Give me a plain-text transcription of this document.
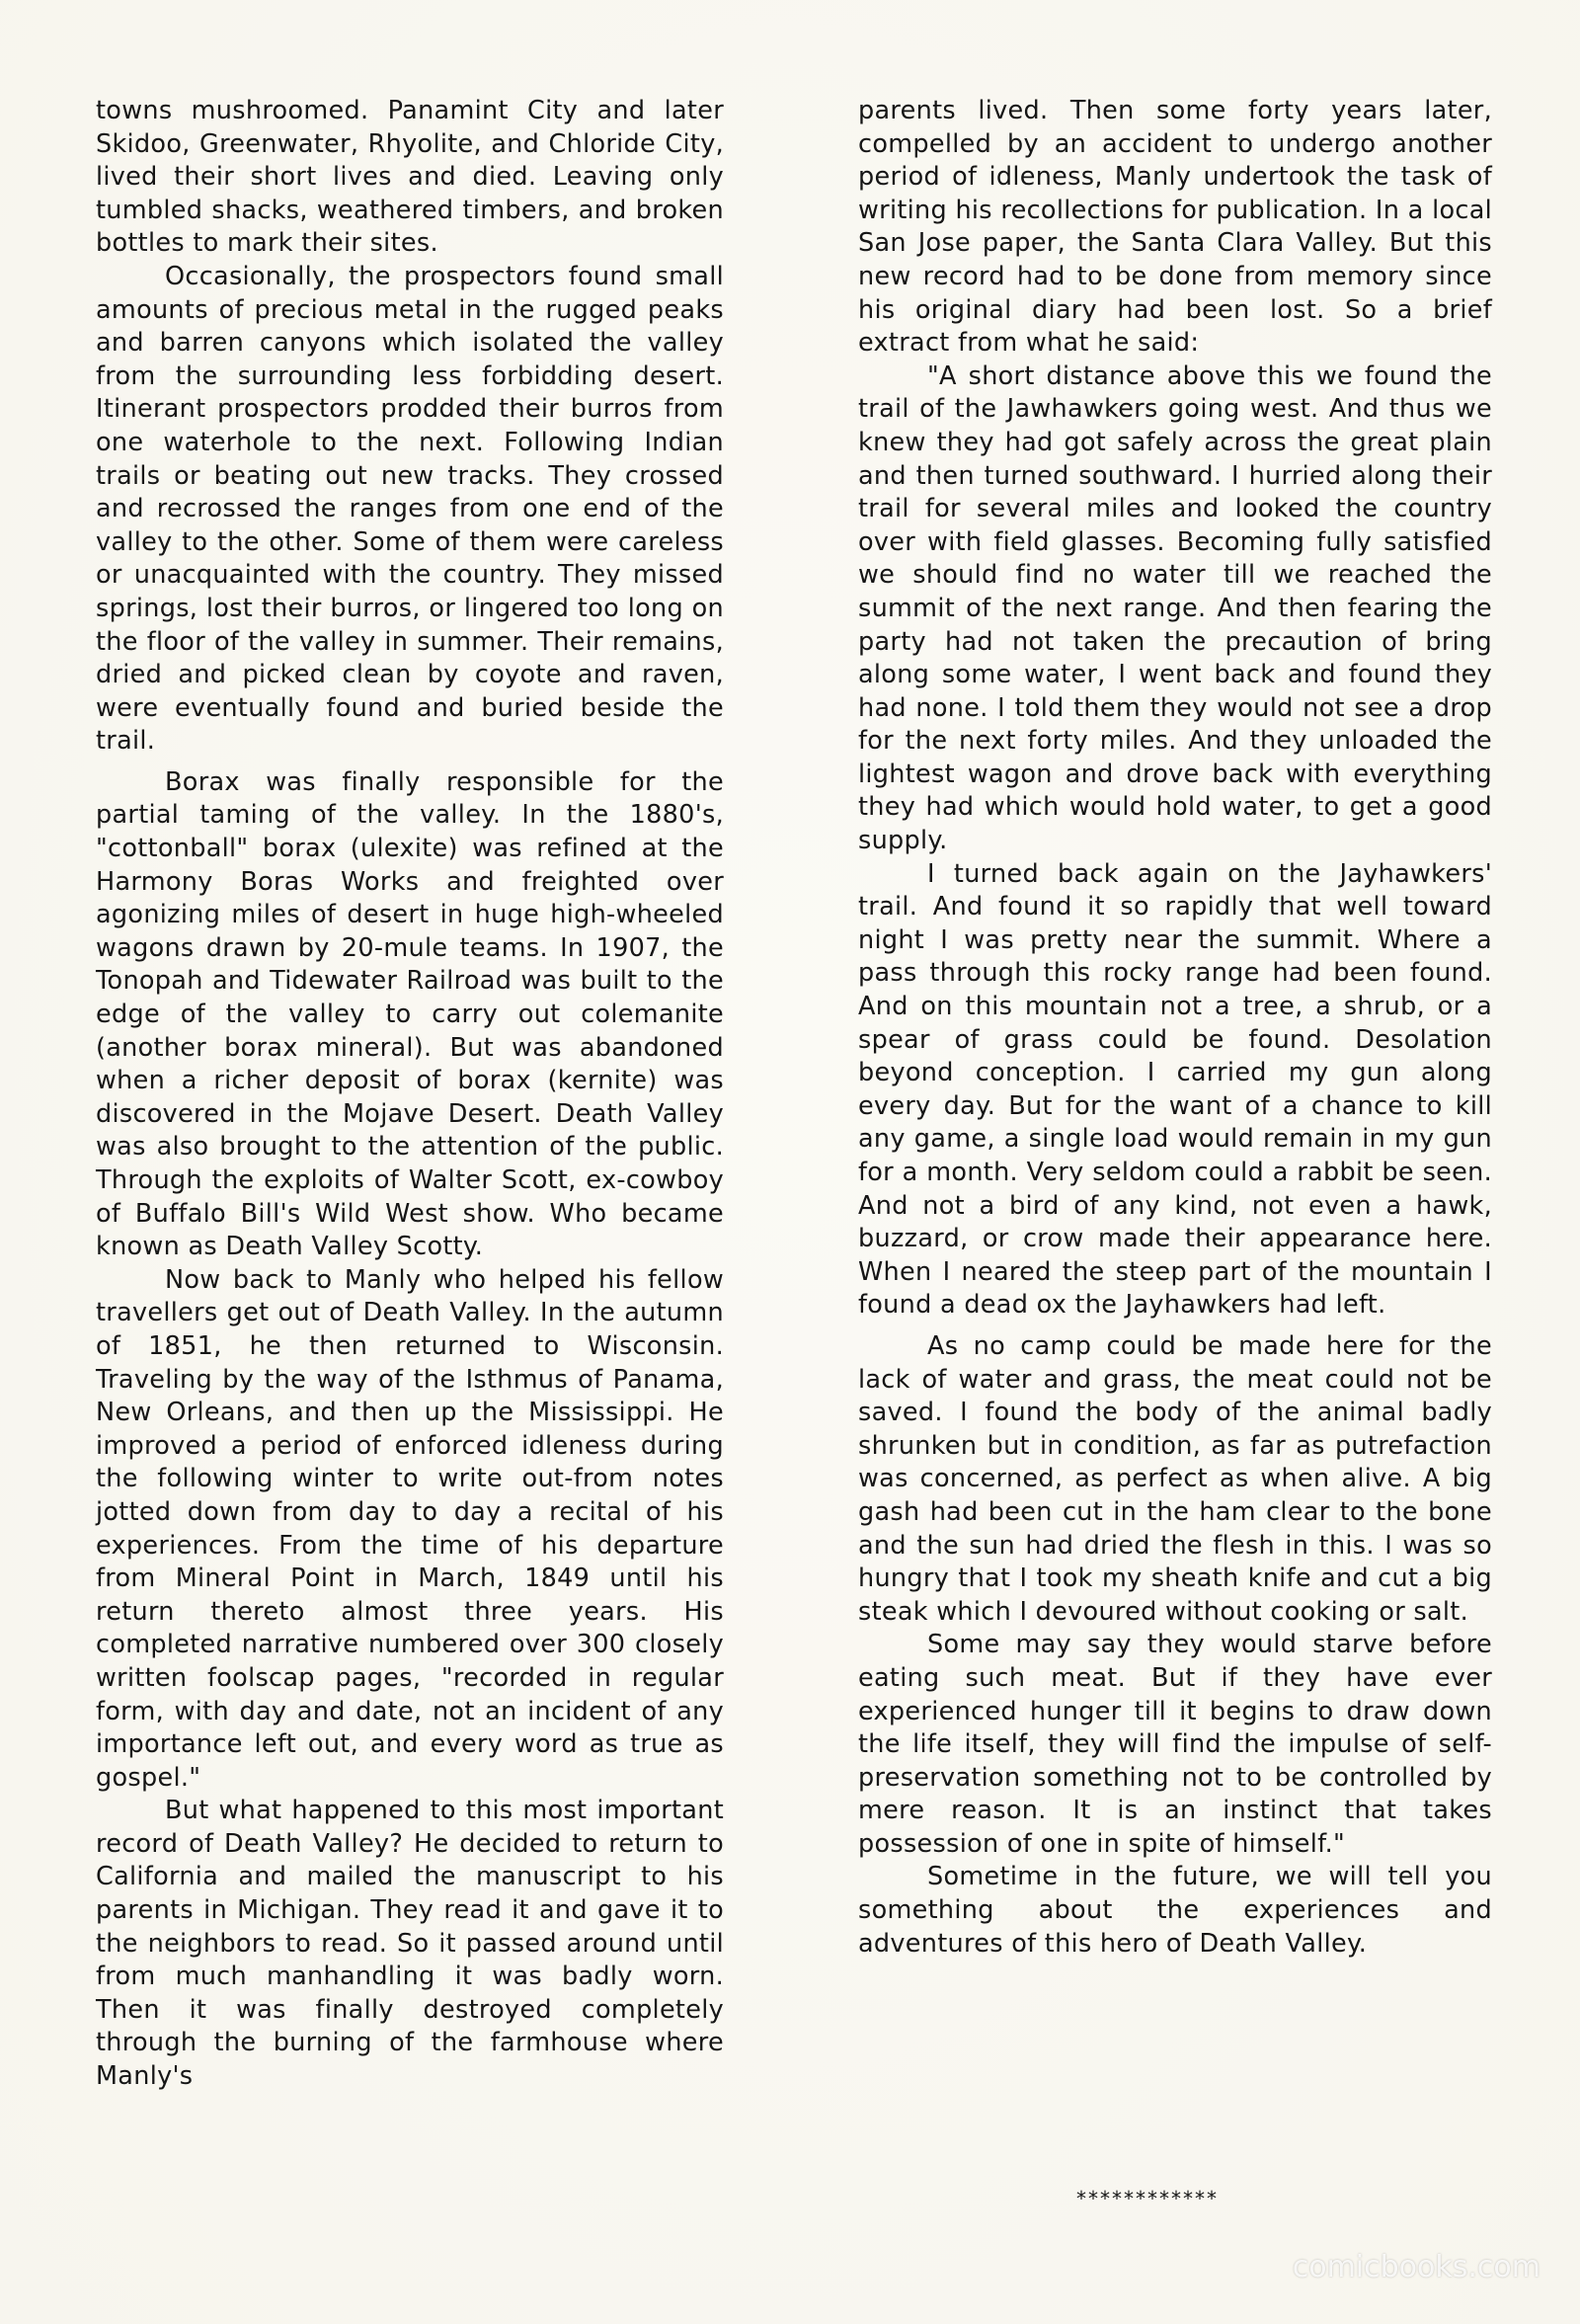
towns mushroomed. Panamint City and later Skidoo, Greenwater, Rhyolite, and Chloride City, lived their short lives and died. Leaving only tumbled shacks, weathered timbers, and broken bottles to mark their sites.

Occasionally, the prospectors found small amounts of precious metal in the rugged peaks and barren canyons which isolated the valley from the surrounding less forbidding desert. Itinerant prospectors prodded their burros from one waterhole to the next. Following Indian trails or beating out new tracks. They crossed and recrossed the ranges from one end of the valley to the other. Some of them were careless or unacquainted with the country. They missed springs, lost their burros, or lingered too long on the floor of the valley in summer. Their remains, dried and picked clean by coyote and raven, were eventually found and buried beside the trail.

Borax was finally responsible for the partial taming of the valley. In the 1880's, "cottonball" borax (ulexite) was refined at the Harmony Boras Works and freighted over agonizing miles of desert in huge high-wheeled wagons drawn by 20-mule teams. In 1907, the Tonopah and Tidewater Railroad was built to the edge of the valley to carry out colemanite (another borax mineral). But was abandoned when a richer deposit of borax (kernite) was discovered in the Mojave Desert. Death Valley was also brought to the attention of the public. Through the exploits of Walter Scott, ex-cowboy of Buffalo Bill's Wild West show. Who became known as Death Valley Scotty.

Now back to Manly who helped his fellow travellers get out of Death Valley. In the autumn of 1851, he then returned to Wisconsin. Traveling by the way of the Isthmus of Panama, New Orleans, and then up the Mississippi. He improved a period of enforced idleness during the following winter to write out-from notes jotted down from day to day a recital of his experiences. From the time of his departure from Mineral Point in March, 1849 until his return thereto almost three years. His completed narrative numbered over 300 closely written foolscap pages, "recorded in regular form, with day and date, not an incident of any importance left out, and every word as true as gospel."

But what happened to this most important record of Death Valley? He decided to return to California and mailed the manuscript to his parents in Michigan. They read it and gave it to the neighbors to read. So it passed around until from much manhandling it was badly worn. Then it was finally destroyed completely through the burning of the farmhouse where Manly's

parents lived. Then some forty years later, compelled by an accident to undergo another period of idleness, Manly undertook the task of writing his recollections for publication. In a local San Jose paper, the Santa Clara Valley. But this new record had to be done from memory since his original diary had been lost. So a brief extract from what he said:

"A short distance above this we found the trail of the Jawhawkers going west. And thus we knew they had got safely across the great plain and then turned southward. I hurried along their trail for several miles and looked the country over with field glasses. Becoming fully satisfied we should find no water till we reached the summit of the next range. And then fearing the party had not taken the precaution of bring along some water, I went back and found they had none. I told them they would not see a drop for the next forty miles. And they unloaded the lightest wagon and drove back with everything they had which would hold water, to get a good supply.

I turned back again on the Jayhawkers' trail. And found it so rapidly that well toward night I was pretty near the summit. Where a pass through this rocky range had been found. And on this mountain not a tree, a shrub, or a spear of grass could be found. Desolation beyond conception. I carried my gun along every day. But for the want of a chance to kill any game, a single load would remain in my gun for a month. Very seldom could a rabbit be seen. And not a bird of any kind, not even a hawk, buzzard, or crow made their appearance here. When I neared the steep part of the mountain I found a dead ox the Jayhawkers had left.

As no camp could be made here for the lack of water and grass, the meat could not be saved. I found the body of the animal badly shrunken but in condition, as far as putrefaction was concerned, as perfect as when alive. A big gash had been cut in the ham clear to the bone and the sun had dried the flesh in this. I was so hungry that I took my sheath knife and cut a big steak which I devoured without cooking or salt.

Some may say they would starve before eating such meat. But if they have ever experienced hunger till it begins to draw down the life itself, they will find the impulse of self-preservation something not to be controlled by mere reason. It is an instinct that takes possession of one in spite of himself."

Sometime in the future, we will tell you something about the experiences and adventures of this hero of Death Valley.

************
comicbooks.com
